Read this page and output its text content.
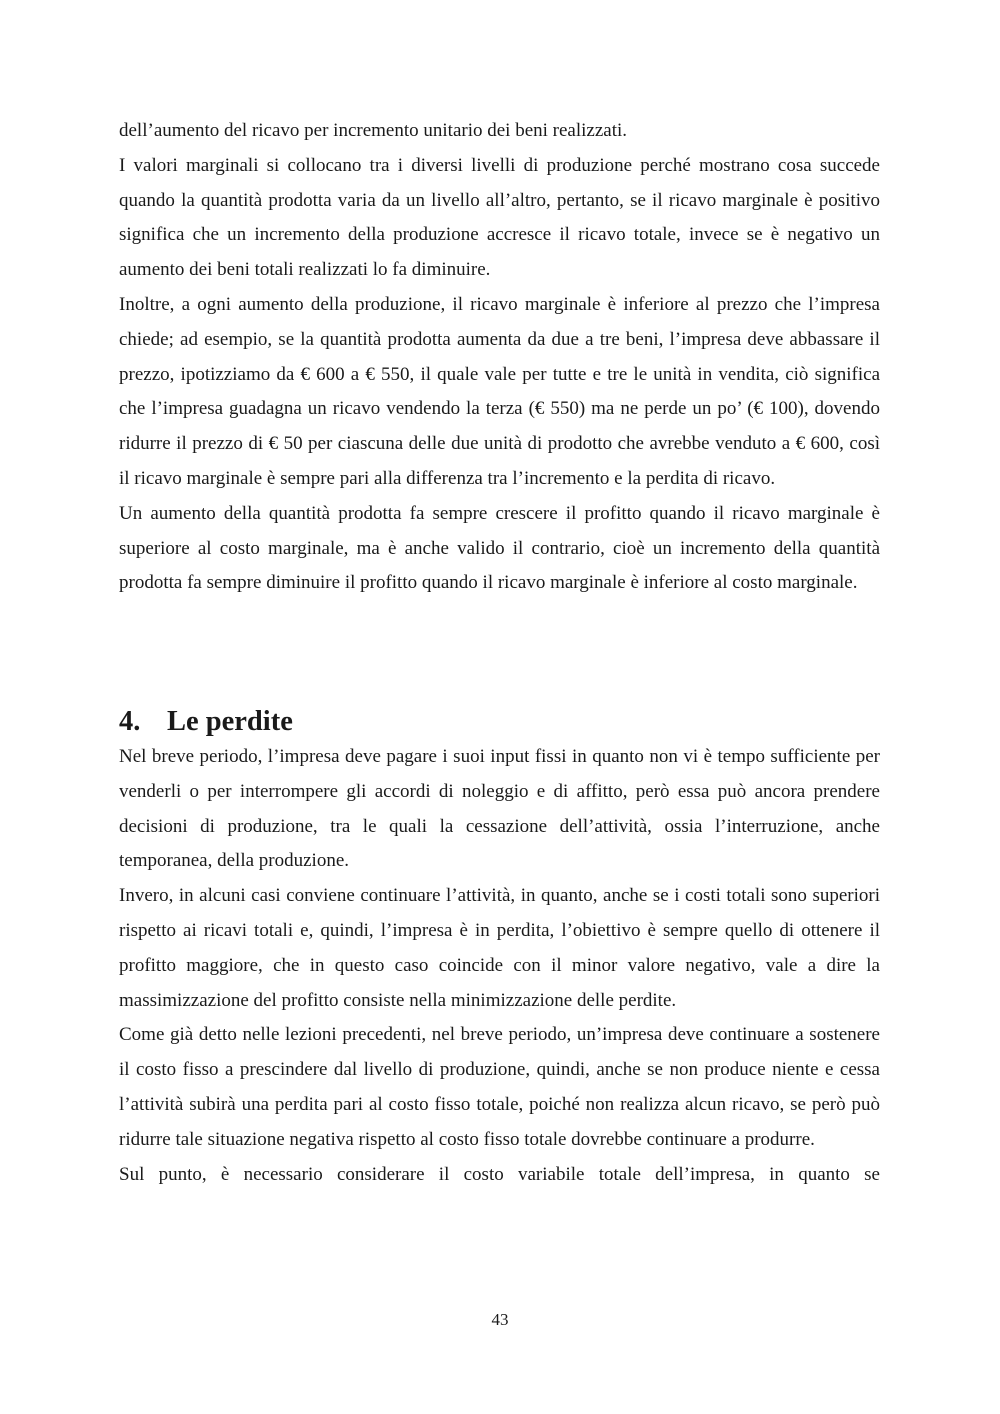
dell’aumento del ricavo per incremento unitario dei beni realizzati.

I valori marginali si collocano tra i diversi livelli di produzione perché mostrano cosa succede quando la quantità prodotta varia da un livello all’altro, pertanto, se il ricavo marginale è positivo significa che un incremento della produzione accresce il ricavo totale, invece se è negativo un aumento dei beni totali realizzati lo fa diminuire.

Inoltre, a ogni aumento della produzione, il ricavo marginale è inferiore al prezzo che l’impresa chiede; ad esempio, se la quantità prodotta aumenta da due a tre beni, l’impresa deve abbassare il prezzo, ipotizziamo da € 600 a € 550, il quale vale per tutte e tre le unità in vendita, ciò significa che l’impresa guadagna un ricavo vendendo la terza (€ 550) ma ne perde un po’ (€ 100), dovendo ridurre il prezzo di € 50 per ciascuna delle due unità di prodotto che avrebbe venduto a € 600, così il ricavo marginale è sempre pari alla differenza tra l’incremento e la perdita di ricavo.

Un aumento della quantità prodotta fa sempre crescere il profitto quando il ricavo marginale è superiore al costo marginale, ma è anche valido il contrario, cioè un incremento della quantità prodotta fa sempre diminuire il profitto quando il ricavo marginale è inferiore al costo marginale.

4. Le perdite

Nel breve periodo, l’impresa deve pagare i suoi input fissi in quanto non vi è tempo sufficiente per venderli o per interrompere gli accordi di noleggio e di affitto, però essa può ancora prendere decisioni di produzione, tra le quali la cessazione dell’attività, ossia l’interruzione, anche temporanea, della produzione.

Invero, in alcuni casi conviene continuare l’attività, in quanto, anche se i costi totali sono superiori rispetto ai ricavi totali e, quindi, l’impresa è in perdita, l’obiettivo è sempre quello di ottenere il profitto maggiore, che in questo caso coincide con il minor valore negativo, vale a dire la massimizzazione del profitto consiste nella minimizzazione delle perdite.

Come già detto nelle lezioni precedenti, nel breve periodo, un’impresa deve continuare a sostenere il costo fisso a prescindere dal livello di produzione, quindi, anche se non produce niente e cessa l’attività subirà una perdita pari al costo fisso totale, poiché non realizza alcun ricavo, se però può ridurre tale situazione negativa rispetto al costo fisso totale dovrebbe continuare a produrre.

Sul punto, è necessario considerare il costo variabile totale dell’impresa, in quanto se

43
